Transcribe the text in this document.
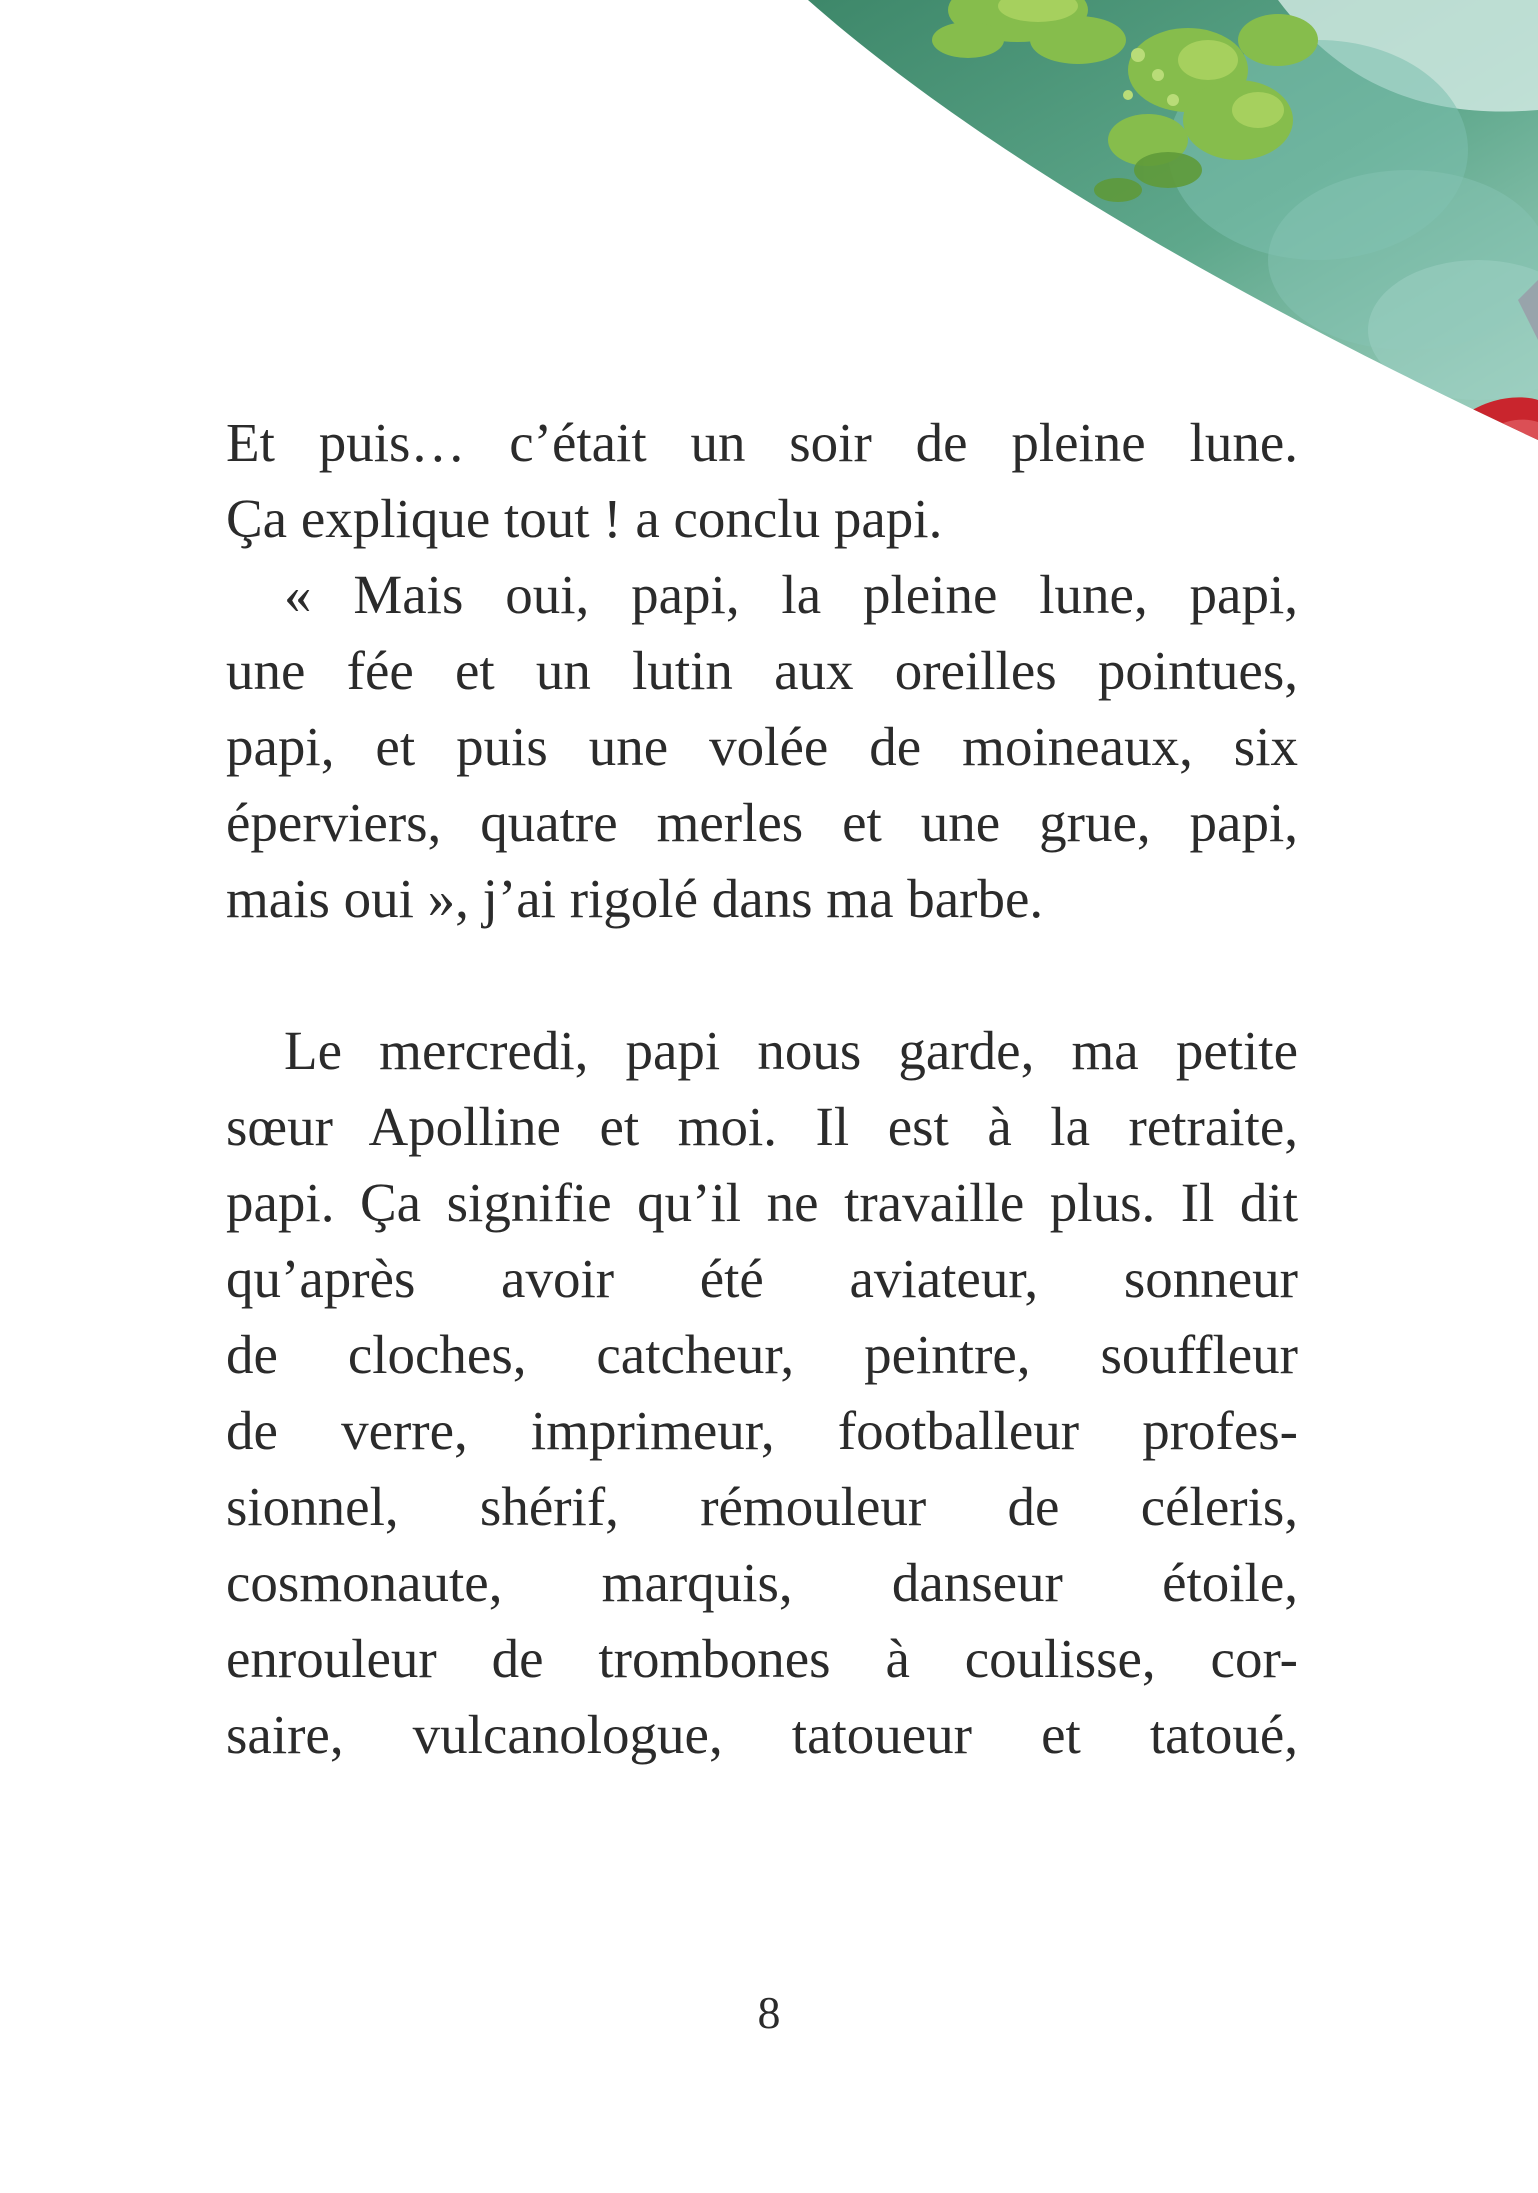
Et puis… c’était un soir de pleine lune.
Ça explique tout ! a conclu papi.
« Mais oui, papi, la pleine lune, papi,
une fée et un lutin aux oreilles pointues,
papi, et puis une volée de moineaux, six
éperviers, quatre merles et une grue, papi,
mais oui », j’ai rigolé dans ma barbe.
Le mercredi, papi nous garde, ma petite
sœur Apolline et moi. Il est à la retraite,
papi. Ça signifie qu’il ne travaille plus. Il dit
qu’après avoir été aviateur, sonneur
de cloches, catcheur, peintre, souffleur
de verre, imprimeur, footballeur profes-
sionnel, shérif, rémouleur de céleris,
cosmonaute, marquis, danseur étoile,
enrouleur de trombones à coulisse, cor-
saire, vulcanologue, tatoueur et tatoué,
8
